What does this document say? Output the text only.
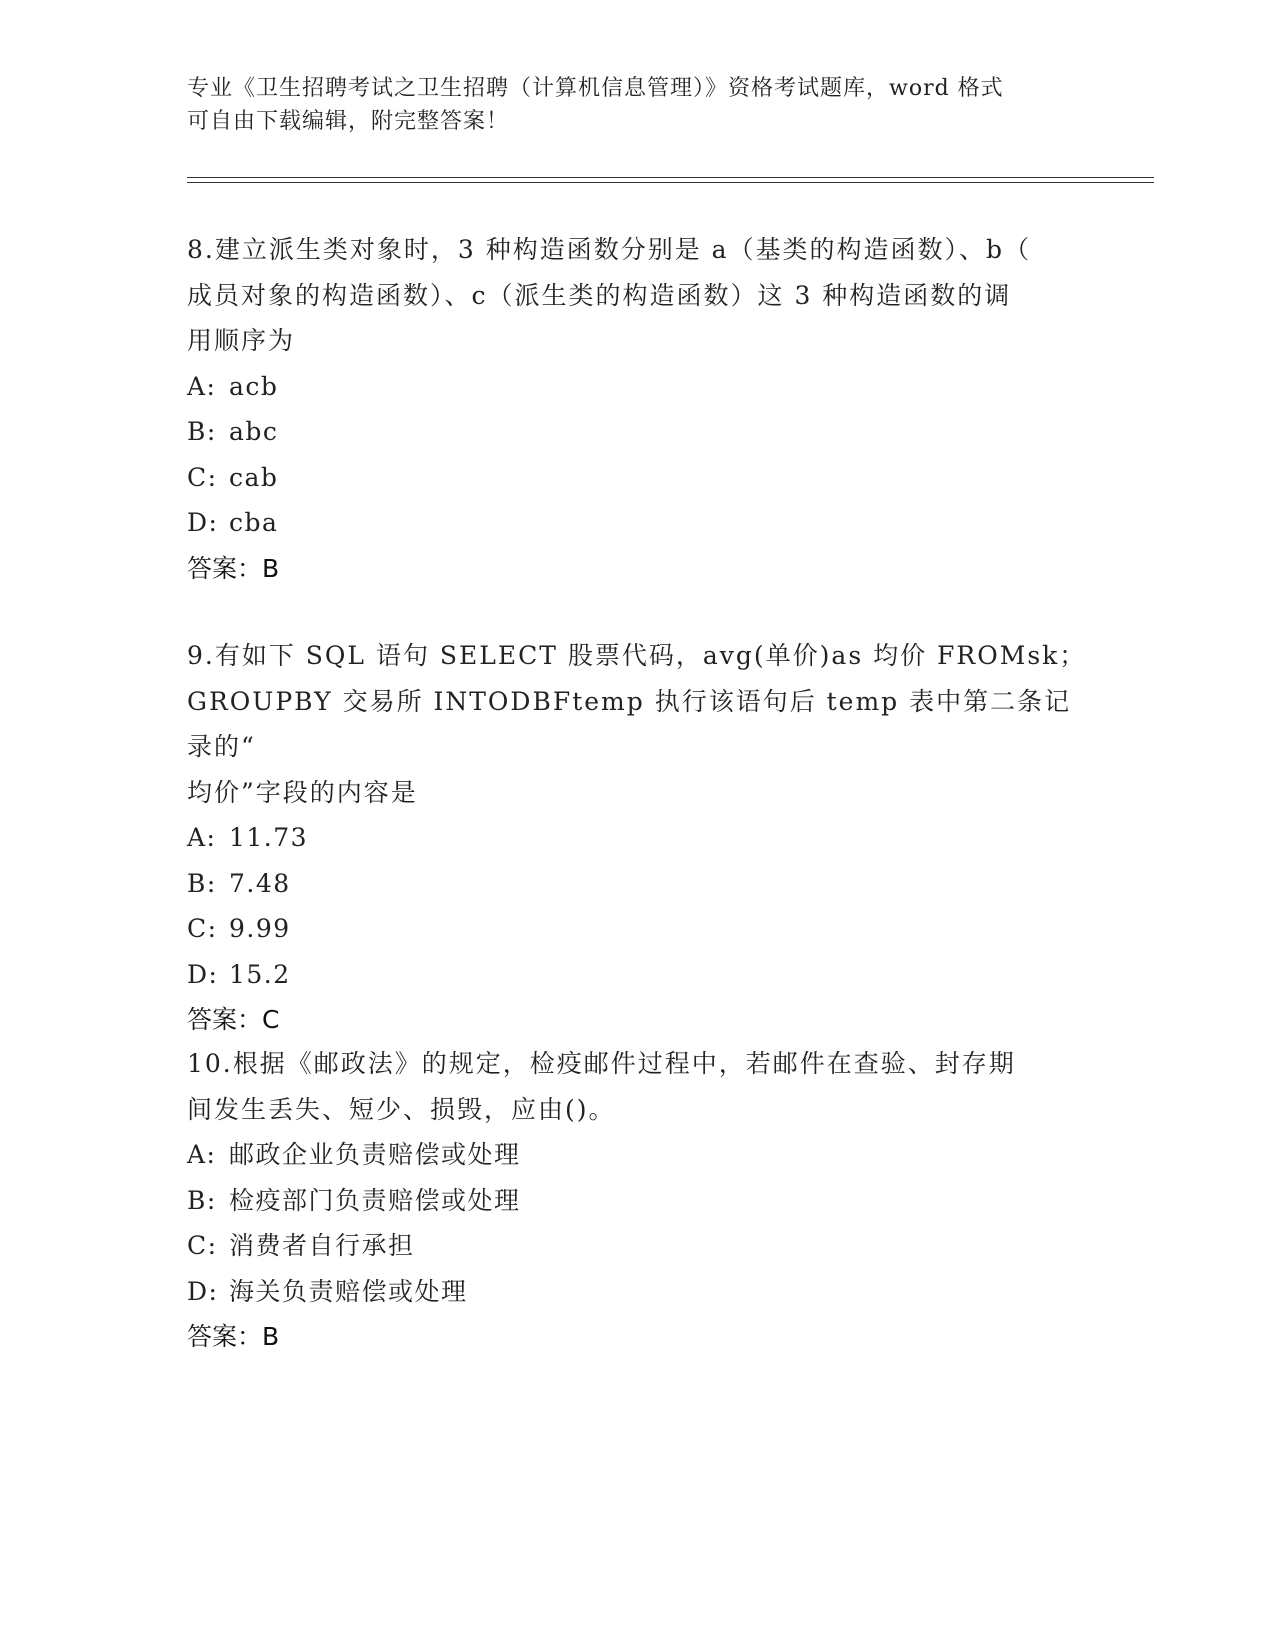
专业《卫生招聘考试之卫生招聘（计算机信息管理）》资格考试题库，word 格式
可自由下载编辑，附完整答案！

8.建立派生类对象时，3 种构造函数分别是 a（基类的构造函数）、b（

成员对象的构造函数）、c（派生类的构造函数）这 3 种构造函数的调

用顺序为

A: acb

B: abc

C: cab

D: cba

答案：B

9.有如下 SQL 语句 SELECT 股票代码，avg(单价)as 均价 FROMsk；

GROUPBY 交易所 INTODBFtemp 执行该语句后 temp 表中第二条记录的“

均价”字段的内容是

A: 11.73

B: 7.48

C: 9.99

D: 15.2

答案：C

10.根据《邮政法》的规定，检疫邮件过程中，若邮件在查验、封存期

间发生丢失、短少、损毁，应由()。

A: 邮政企业负责赔偿或处理

B: 检疫部门负责赔偿或处理

C: 消费者自行承担

D: 海关负责赔偿或处理

答案：B
